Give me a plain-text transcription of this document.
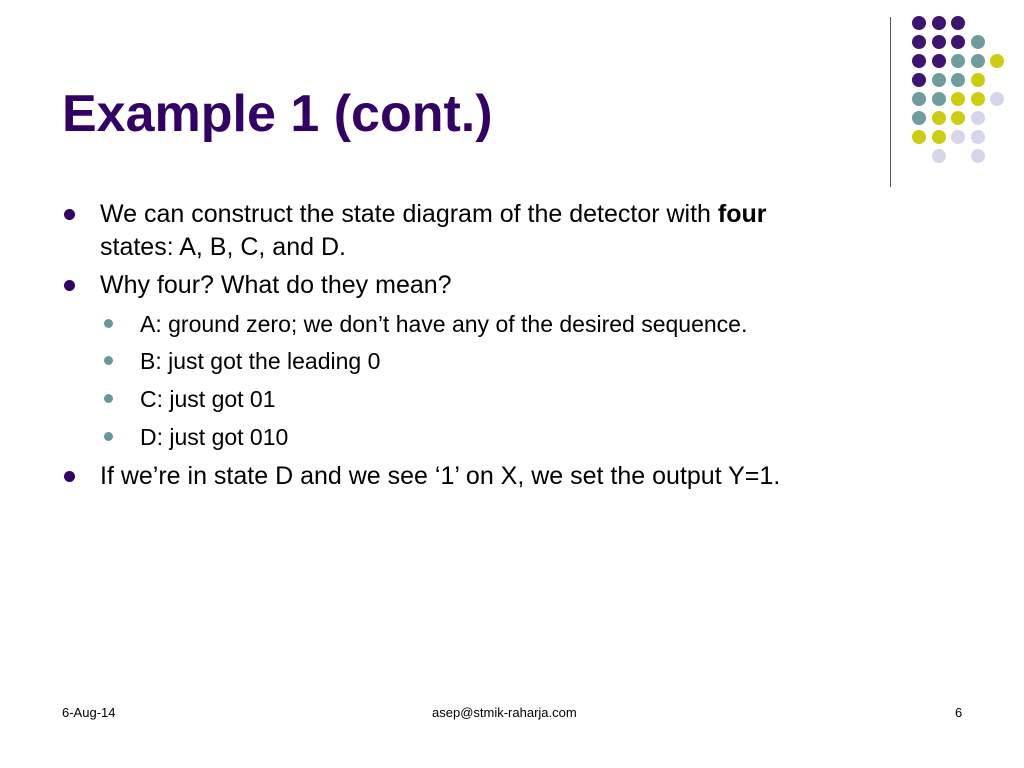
Example 1 (cont.)
We can construct the state diagram of the detector with four
states: A, B, C, and D.
Why four? What do they mean?
A: ground zero; we don’t have any of the desired sequence.
B: just got the leading 0
C: just got 01
D: just got 010
If we’re in state D and we see ‘1’ on X, we set the output Y=1.
6-Aug-14	asep@stmik-raharja.com	6
